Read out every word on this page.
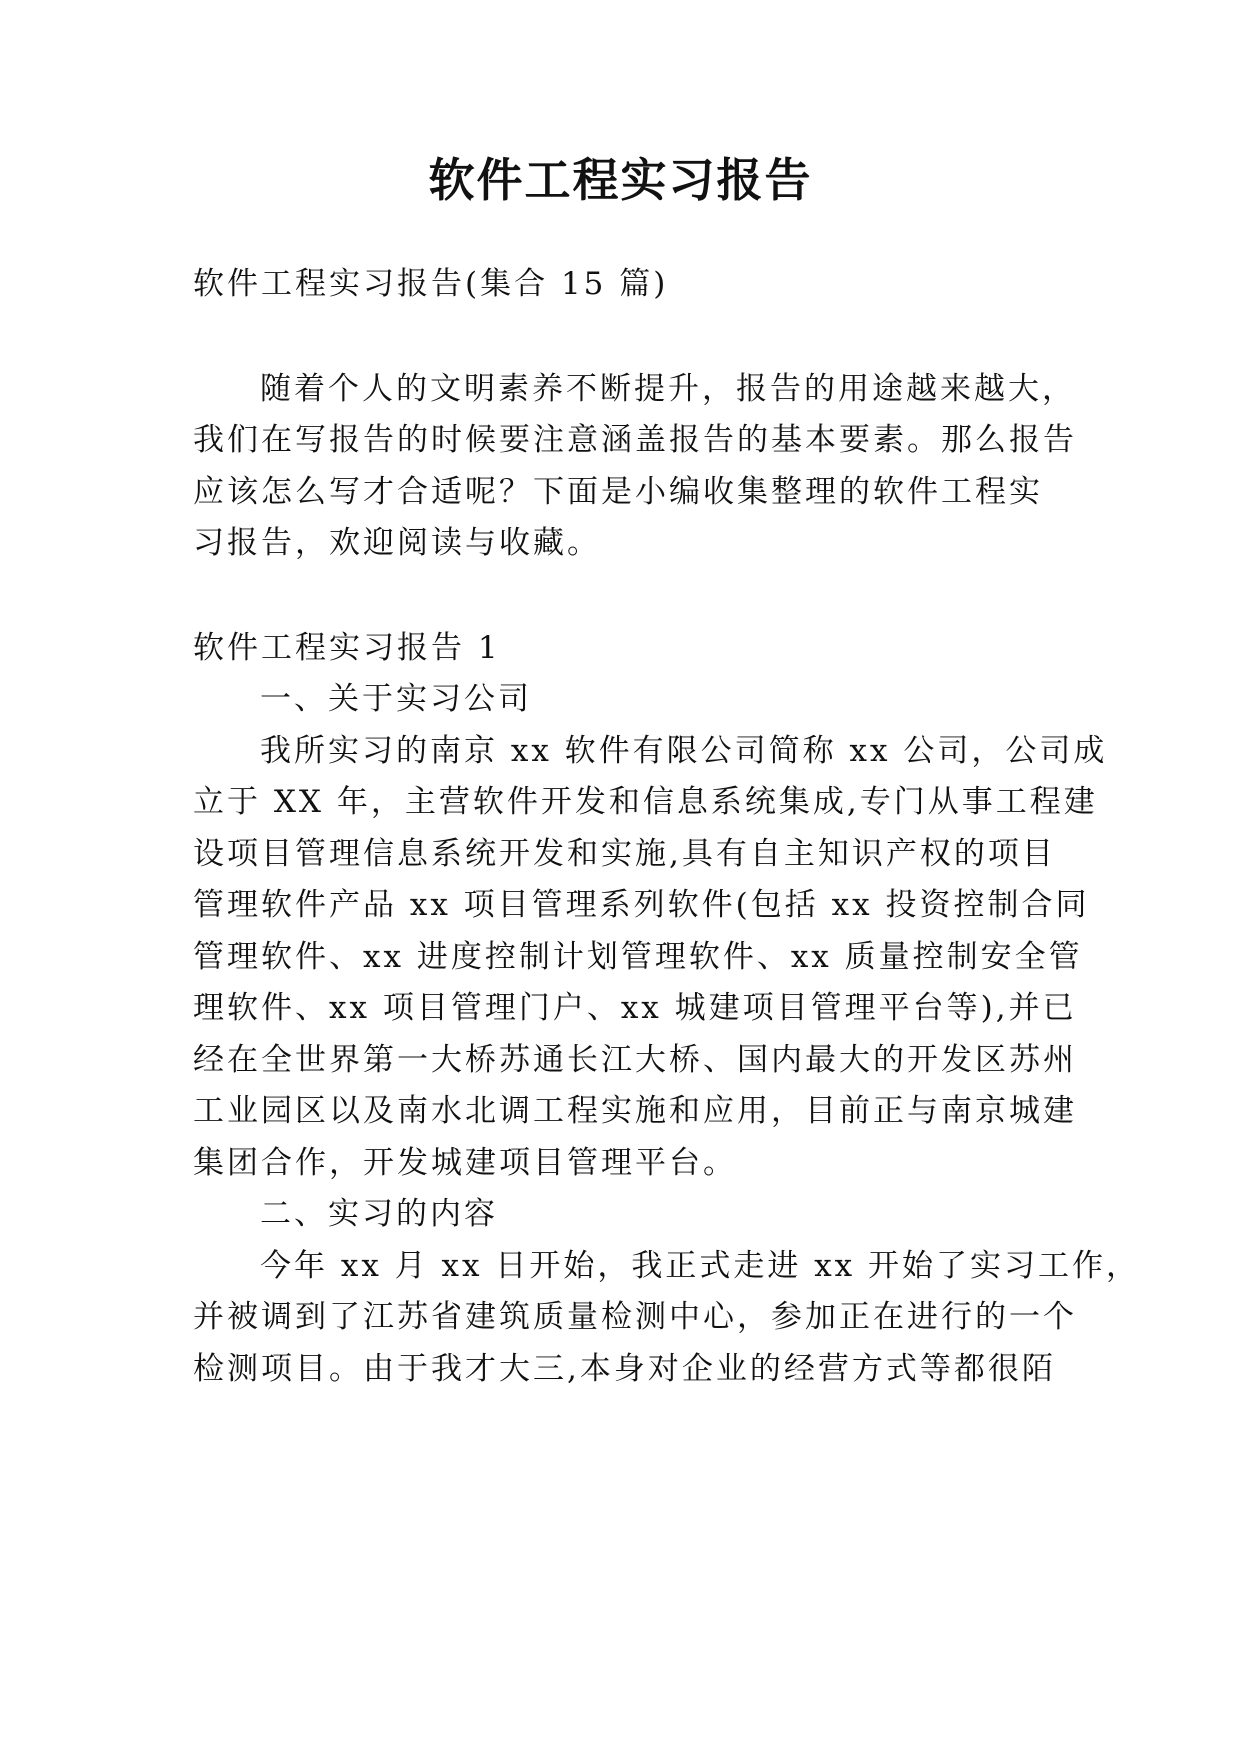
软件工程实习报告
软件工程实习报告(集合 15 篇)
随着个人的文明素养不断提升，报告的用途越来越大，
我们在写报告的时候要注意涵盖报告的基本要素。那么报告
应该怎么写才合适呢？下面是小编收集整理的软件工程实
习报告，欢迎阅读与收藏。
软件工程实习报告 1
一、关于实习公司
我所实习的南京 xx 软件有限公司简称 xx 公司，公司成
立于 XX 年，主营软件开发和信息系统集成,专门从事工程建
设项目管理信息系统开发和实施,具有自主知识产权的项目
管理软件产品 xx 项目管理系列软件(包括 xx 投资控制合同
管理软件、xx 进度控制计划管理软件、xx 质量控制安全管
理软件、xx 项目管理门户、xx 城建项目管理平台等),并已
经在全世界第一大桥苏通长江大桥、国内最大的开发区苏州
工业园区以及南水北调工程实施和应用，目前正与南京城建
集团合作，开发城建项目管理平台。
二、实习的内容
今年 xx 月 xx 日开始，我正式走进 xx 开始了实习工作，
并被调到了江苏省建筑质量检测中心，参加正在进行的一个
检测项目。由于我才大三,本身对企业的经营方式等都很陌
